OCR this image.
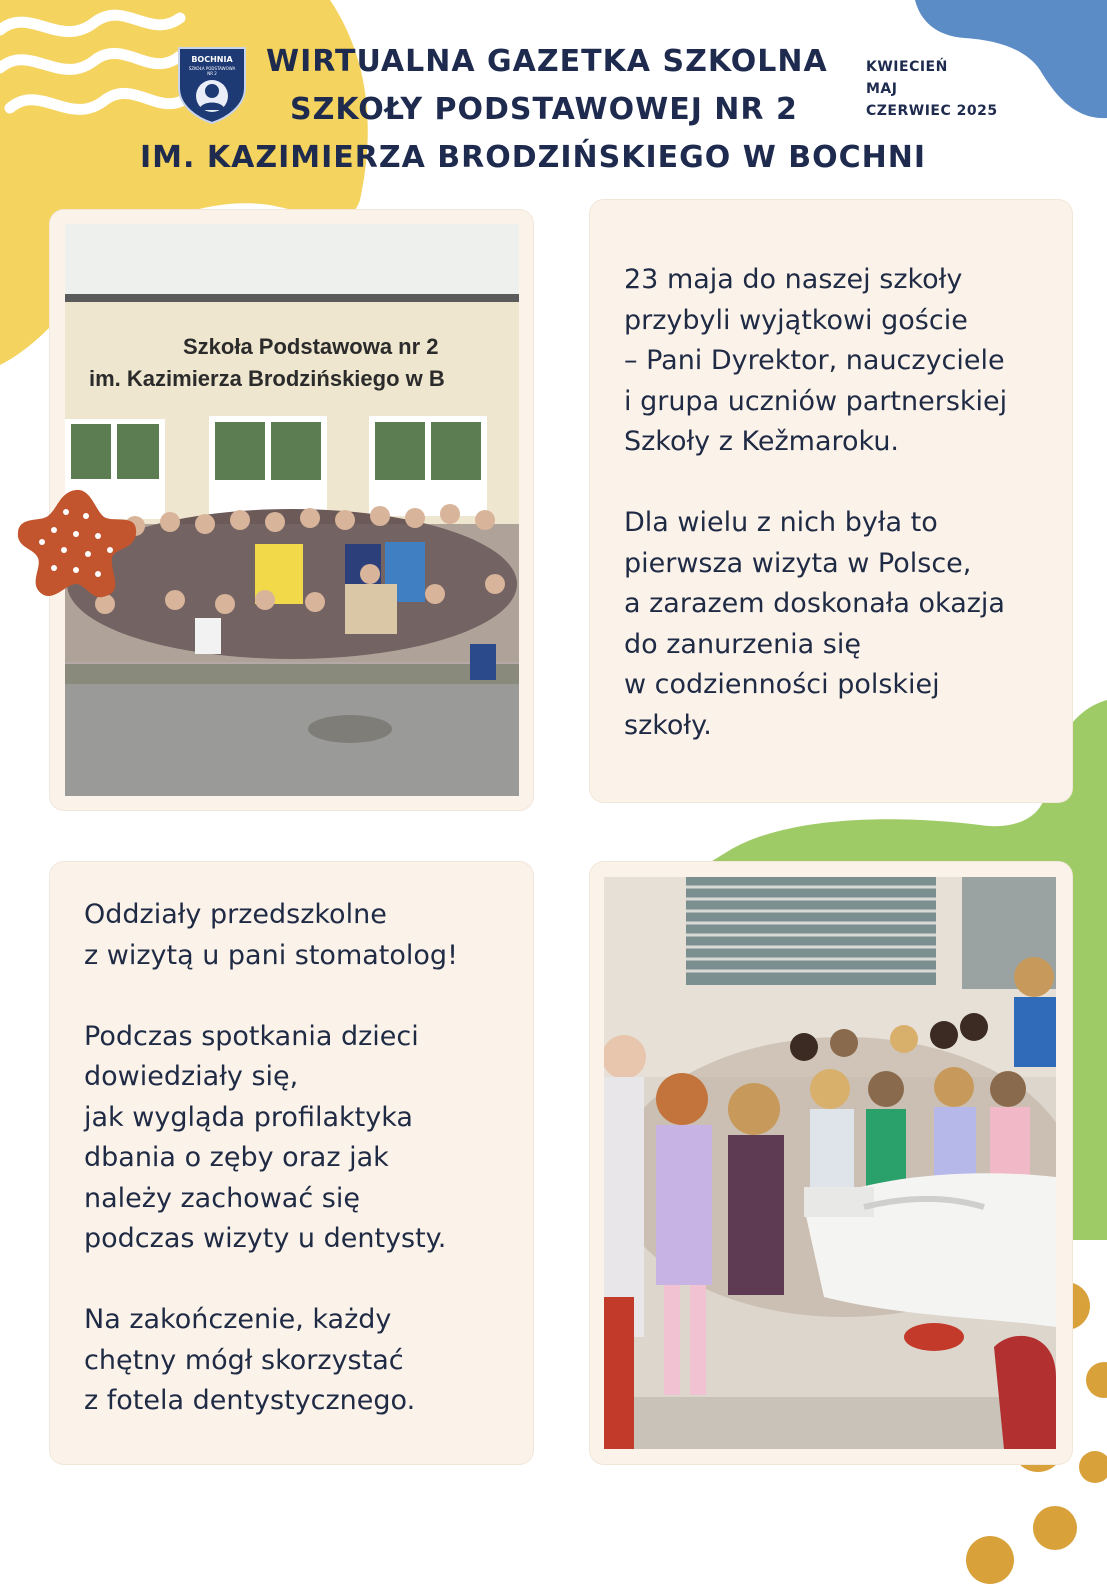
BOCHNIA
SZKOŁA PODSTAWOWA
NR 2 WIRTUALNA GAZETKA SZKOLNA
SZKOŁY PODSTAWOWEJ NR 2
IM. KAZIMIERZA BRODZIŃSKIEGO W BOCHNI
KWIECIEŃ
MAJ
CZERWIEC 2025
Szkoła Podstawowa nr 2
im. Kazimierza Brodzińskiego w B
23 maja do naszej szkoły
przybyli wyjątkowi goście
– Pani Dyrektor, nauczyciele
i grupa uczniów partnerskiej
Szkoły z Kežmaroku.

Dla wielu z nich była to
pierwsza wizyta w Polsce,
a zarazem doskonała okazja
do zanurzenia się
w codzienności polskiej
szkoły.
Oddziały przedszkolne
z wizytą u pani stomatolog!

Podczas spotkania dzieci
dowiedziały się,
jak wygląda profilaktyka
dbania o zęby oraz jak
należy zachować się
podczas wizyty u dentysty.

Na zakończenie, każdy
chętny mógł skorzystać
z fotela dentystycznego.
